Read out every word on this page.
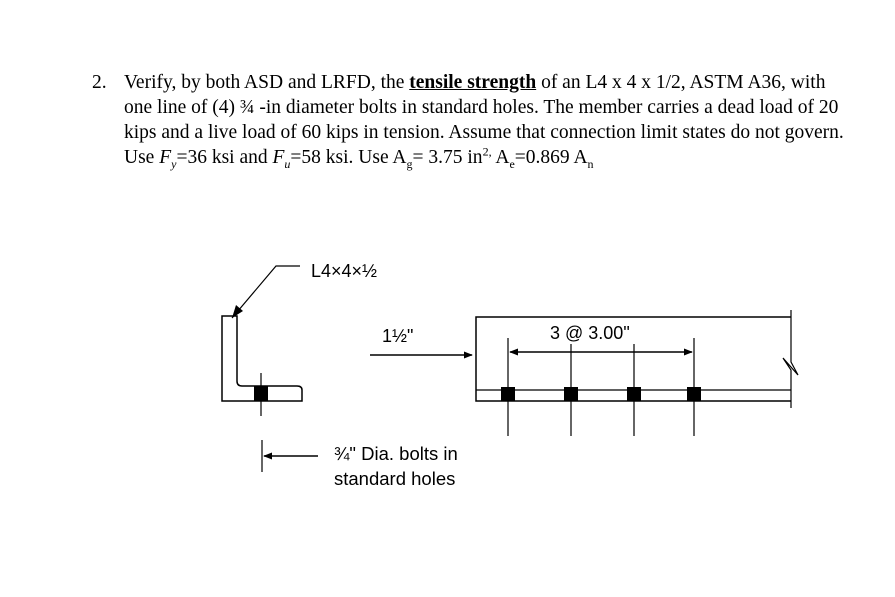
2. Verify, by both ASD and LRFD, the tensile strength of an L4 x 4 x 1/2, ASTM A36, with one line of (4) ¾ -in diameter bolts in standard holes. The member carries a dead load of 20 kips and a live load of 60 kips in tension. Assume that connection limit states do not govern. Use $F_y=36$ ksi and $F_u=58$ ksi. Use $A_g= 3.75$ $in^{2,}$ $A_e=0.869$ $A_n$
L4×4×½
¾" Dia. bolts in
standard holes
1½"	3 @ 3.00"
